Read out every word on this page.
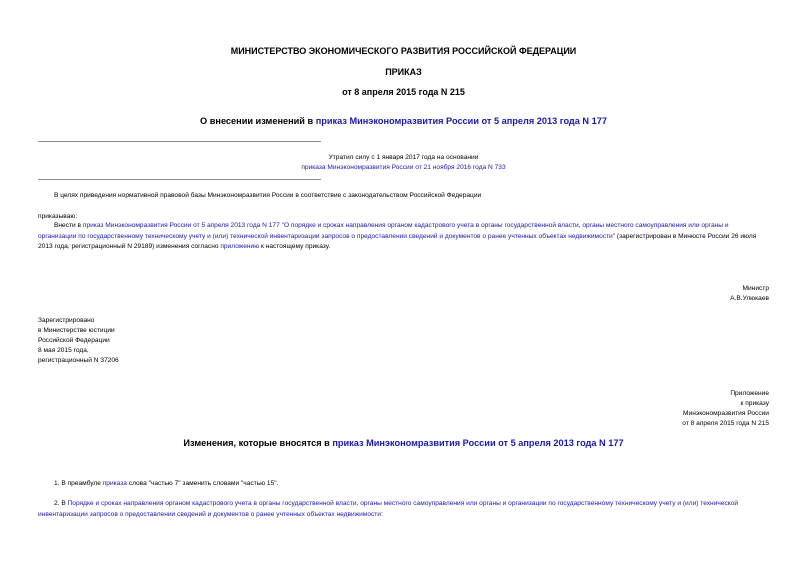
МИНИСТЕРСТВО ЭКОНОМИЧЕСКОГО РАЗВИТИЯ РОССИЙСКОЙ ФЕДЕРАЦИИ
ПРИКАЗ
от 8 апреля 2015 года N 215
О внесении изменений в приказ Минэкономразвития России от 5 апреля 2013 года N 177
Утратил силу с 1 января 2017 года на основании
приказа Минэкономразвития России от 21 ноября 2016 года N 733
В целях приведения нормативной правовой базы Минэкономразвития России в соответствие с законодательством Российской Федерации
приказываю:
Внести в приказ Минэкономразвития России от 5 апреля 2013 года N 177 "О порядке и сроках направления органом кадастрового учета в органы государственной власти, органы местного самоуправления или органы и организации по государственному техническому учету и (или) технической инвентаризации запросов о предоставлении сведений и документов о ранее учтенных объектах недвижимости" (зарегистрирован в Минюсте России 26 июля 2013 года, регистрационный N 29189) изменения согласно приложению к настоящему приказу.
Министр
А.В.Улюкаев
Зарегистрировано
в Министерстве юстиции
Российской Федерации
8 мая 2015 года,
регистрационный N 37206
Приложение
к приказу
Минэкономразвития России
от 8 апреля 2015 года N 215
Изменения, которые вносятся в приказ Минэкономразвития России от 5 апреля 2013 года N 177
1. В преамбуле приказа слова "частью 7" заменить словами "частью 15".
2. В Порядке и сроках направления органом кадастрового учета в органы государственной власти, органы местного самоуправления или органы и организации по государственному техническому учету и (или) технической инвентаризации запросов о предоставлении сведений и документов о ранее учтенных объектах недвижимости:
